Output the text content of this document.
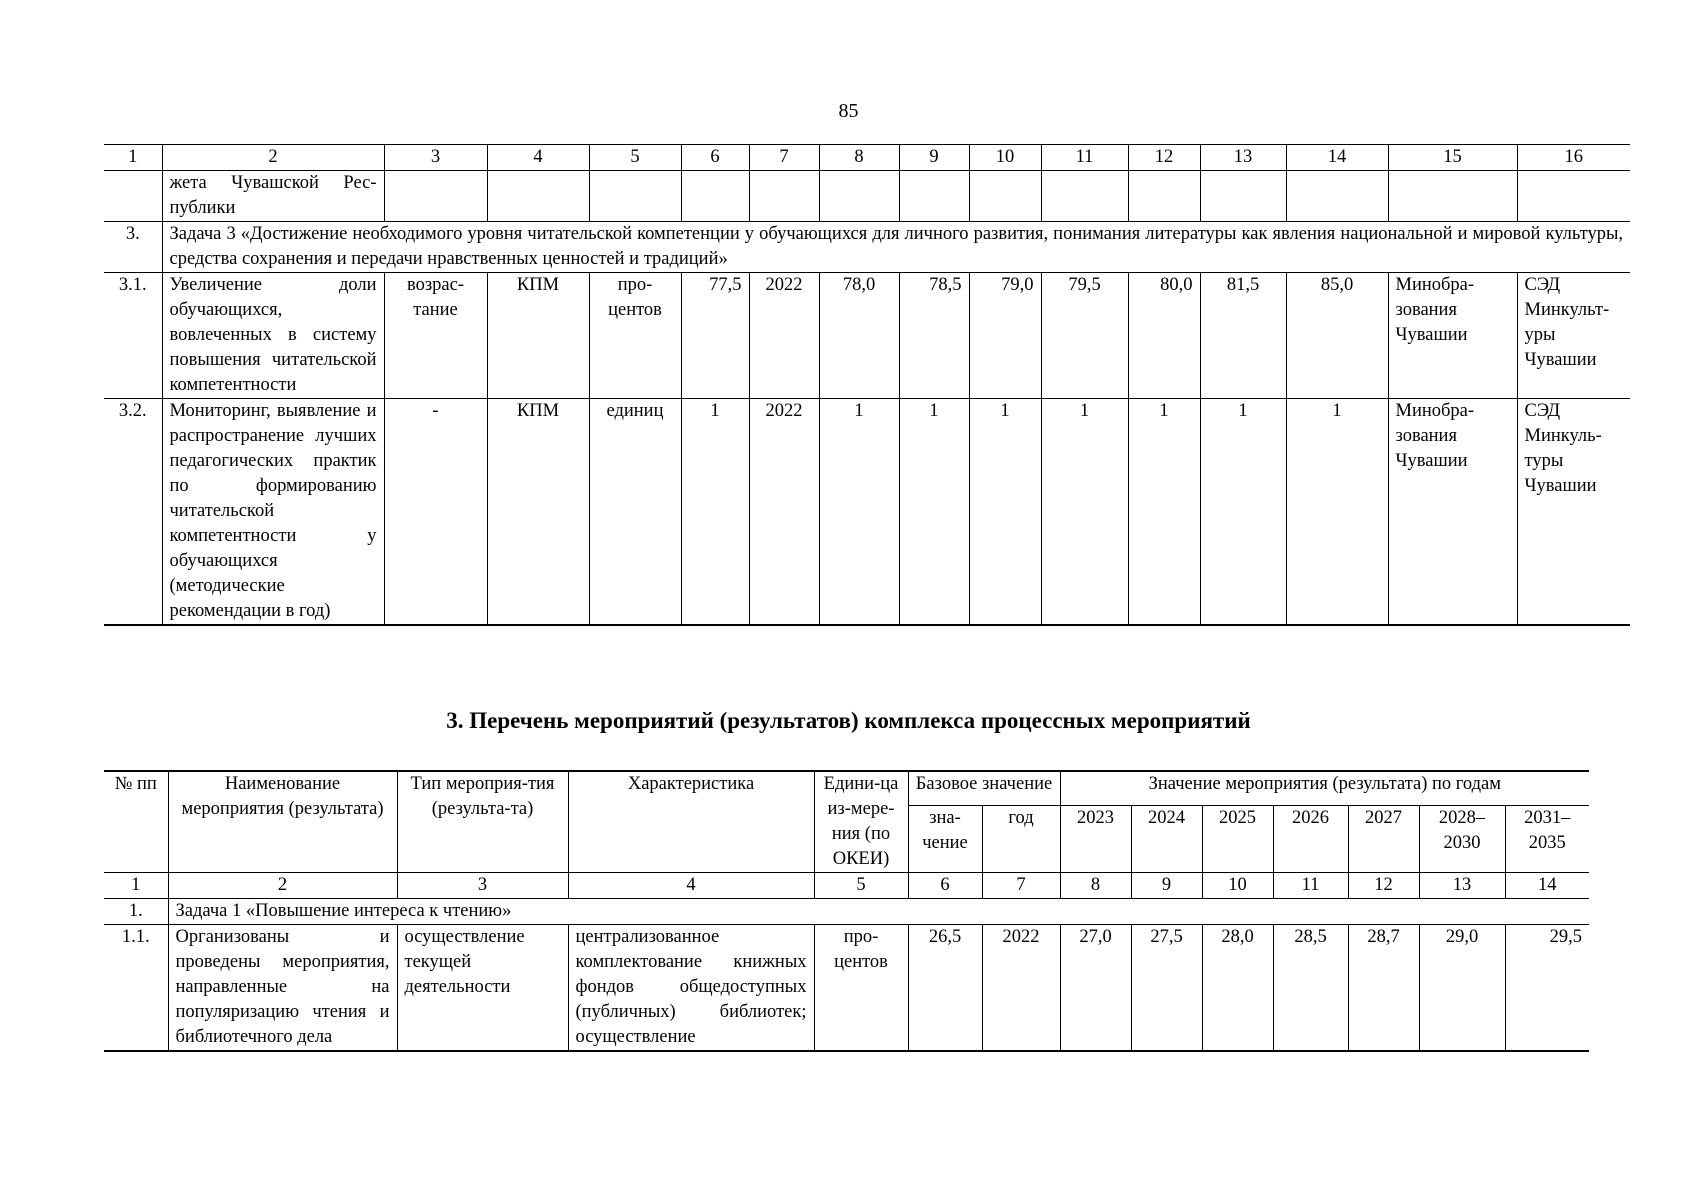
85
1	2	3	4	5	6	7	8	9	10	11	12	13	14	15	16
	жета Чувашской Рес-публики														
3.	Задача 3 «Достижение необходимого уровня читательской компетенции у обучающихся для личного развития, понимания литературы как явления национальной и мировой культуры, средства сохранения и передачи нравственных ценностей и традиций»														
3.1.	Увеличение доли обучающихся, вовлеченных в систему повышения читательской компетентности	возрас-тание	КПМ	про-центов	77,5	2022	78,0	78,5	79,0	79,5	80,0	81,5	85,0	Минобра-зования Чувашии	СЭД Минкульт-уры Чувашии
3.2.	Мониторинг, выявление и распространение лучших педагогических практик по формированию читательской компетентности у обучающихся (методические рекомендации в год)	-	КПМ	единиц	1	2022	1	1	1	1	1	1	1	Минобра-зования Чувашии	СЭД Минкуль-туры Чувашии
3. Перечень мероприятий (результатов) комплекса процессных мероприятий
№ пп	Наименование мероприятия (результата)	Тип мероприя-тия (результа-та)	Характеристика	Едини-ца из-мере-ния (по ОКЕИ)	Базовое значение		Значение мероприятия (результата) по годам						
					зна-чение	год	2023	2024	2025	2026	2027	2028–2030	2031–2035
1	2	3	4	5	6	7	8	9	10	11	12	13	14
1.	Задача 1 «Повышение интереса к чтению»												
1.1.	Организованы и проведены мероприятия, направленные на популяризацию чтения и библиотечного дела	осуществление текущей деятельности	централизованное комплектование книжных фондов общедоступных (публичных) библиотек; осуществление	про-центов	26,5	2022	27,0	27,5	28,0	28,5	28,7	29,0	29,5
